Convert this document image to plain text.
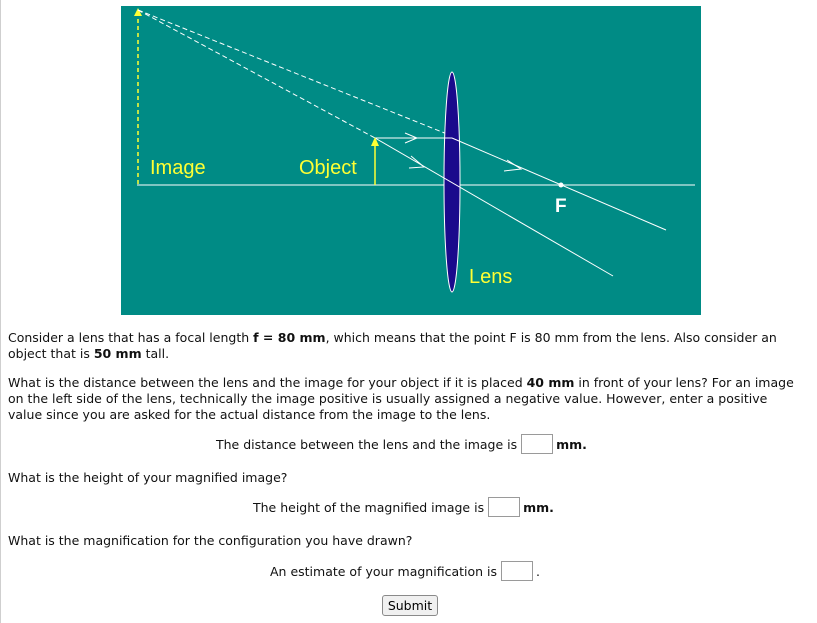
Image	Object
Lens
F

Consider a lens that has a focal length f = 80 mm, which means that the point F is 80 mm from the lens. Also consider an object that is 50 mm tall.

What is the distance between the lens and the image for your object if it is placed 40 mm in front of your lens? For an image on the left side of the lens, technically the image positive is usually assigned a negative value. However, enter a positive value since you are asked for the actual distance from the image to the lens.

The distance between the lens and the image is	mm.

What is the height of your magnified image?

The height of the magnified image is	mm.

What is the magnification for the configuration you have drawn?

An estimate of your magnification is	.
Submit
